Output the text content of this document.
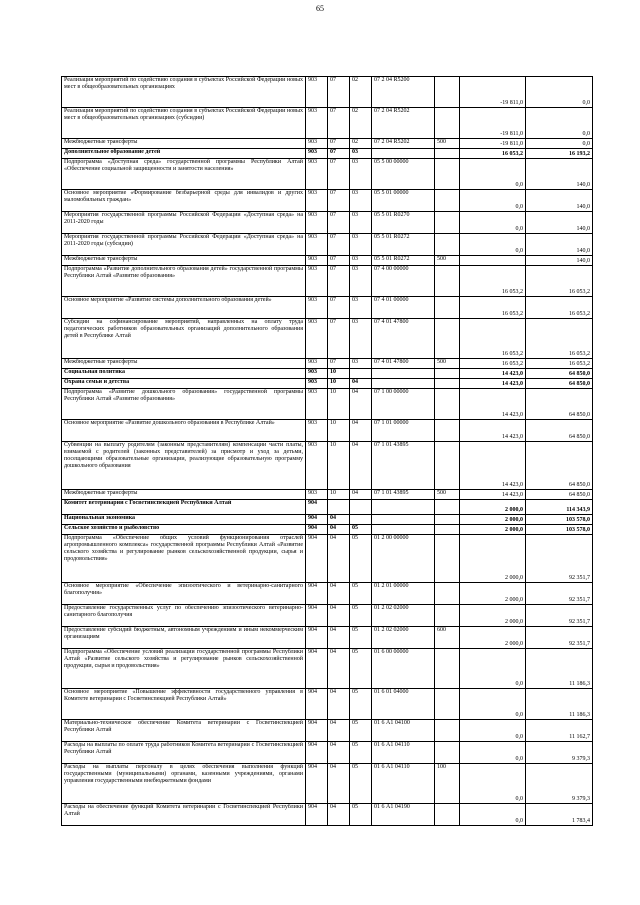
65
Реализация мероприятий по содействию создания в субъектах Российской Федерации новых мест в общеобразовательных организациях	903	07	02	07 2 04 R5200		-19 811,0	0,0
Реализация мероприятий по содействию создания в субъектах Российской Федерации новых мест в общеобразовательных организациях (субсидии)	903	07	02	07 2 04 R5202		-19 811,0	0,0
Межбюджетные трансферты	903	07	02	07 2 04 R5202	500	-19 811,0	0,0
Дополнительное образование детей	903	07	03			16 053,2	16 193,2
Подпрограмма «Доступная среда» государственной программы Республики Алтай «Обеспечение социальной защищенности и занятости населения»	903	07	03	05 5 00 00000		0,0	140,0
Основное мероприятие «Формирование безбарьерной среды для инвалидов и других маломобильных граждан»	903	07	03	05 5 01 00000		0,0	140,0
Мероприятия государственной программы Российской Федерации «Доступная среда» на 2011-2020 годы	903	07	03	05 5 01 R0270		0,0	140,0
Мероприятия государственной программы Российской Федерации «Доступная среда» на 2011-2020 годы (субсидии)	903	07	03	05 5 01 R0272		0,0	140,0
Межбюджетные трансферты	903	07	03	05 5 01 R0272	500		140,0
Подпрограмма «Развитие дополнительного образования детей» государственной программы Республики Алтай «Развитие образования»	903	07	03	07 4 00 00000		16 053,2	16 053,2
Основное мероприятие «Развитие системы дополнительного образования детей»	903	07	03	07 4 01 00000		16 053,2	16 053,2
Субсидии на софинансирование мероприятий, направленных на оплату труда педагогических работников образовательных организаций дополнительного образования детей в Республике Алтай	903	07	03	07 4 01 47800		16 053,2	16 053,2
Межбюджетные трансферты	903	07	03	07 4 01 47800	500	16 053,2	16 053,2
Социальная политика	903	10				14 423,0	64 850,0
Охрана семьи и детства	903	10	04			14 423,0	64 850,0
Подпрограмма «Развитие дошкольного образования» государственной программы Республики Алтай «Развитие образования»	903	10	04	07 1 00 00000		14 423,0	64 850,0
Основное мероприятие «Развитие дошкольного образования в Республике Алтай»	903	10	04	07 1 01 00000		14 423,0	64 850,0
Субвенции на выплату родителям (законным представителям) компенсации части платы, взимаемой с родителей (законных представителей) за присмотр и уход за детьми, посещающими образовательные организации, реализующие образовательную программу дошкольного образования	903	10	04	07 1 01 43895		14 423,0	64 850,0
Межбюджетные трансферты	903	10	04	07 1 01 43895	500	14 423,0	64 850,0
Комитет ветеринарии с Госветинспекцией Республики Алтай	904					2 000,0	114 343,9
Национальная экономика	904	04				2 000,0	103 578,0
Сельское хозяйство и рыболовство	904	04	05			2 000,0	103 578,0
Подпрограмма «Обеспечение общих условий функционирования отраслей агропромышленного комплекса» государственной программы Республики Алтай «Развитие сельского хозяйства и регулирование рынков сельскохозяйственной продукции, сырья и продовольствия»	904	04	05	01 2 00 00000		2 000,0	92 351,7
Основное мероприятие «Обеспечение эпизоотического и ветеринарно-санитарного благополучия»	904	04	05	01 2 01 00000		2 000,0	92 351,7
Предоставление государственных услуг по обеспечению эпизоотического ветеринарно-санитарного благополучия	904	04	05	01 2 02 02000		2 000,0	92 351,7
Предоставление субсидий бюджетным, автономным учреждениям и иным некоммерческим организациям	904	04	05	01 2 02 02000	600	2 000,0	92 351,7
Подпрограмма «Обеспечение условий реализации государственной программы Республики Алтай «Развитие сельского хозяйства и регулирование рынков сельскохозяйственной продукции, сырья и продовольствия»	904	04	05	01 6 00 00000		0,0	11 186,3
Основное мероприятие «Повышение эффективности государственного управления в Комитете ветеринарии с Госветинспекцией Республики Алтай»	904	04	05	01 6 01 04000		0,0	11 186,3
Материально-техническое обеспечение Комитета ветеринарии с Госветинспекцией Республики Алтай	904	04	05	01 6 А1 04100		0,0	11 162,7
Расходы на выплаты по оплате труда работников Комитета ветеринарии с Госветинспекцией Республики Алтай	904	04	05	01 6 А1 04110		0,0	9 379,3
Расходы на выплаты персоналу в целях обеспечения выполнения функций государственными (муниципальными) органами, казенными учреждениями, органами управления государственными внебюджетными фондами	904	04	05	01 6 А1 04110	100	0,0	9 379,3
Расходы на обеспечение функций Комитета ветеринарии с Госветинспекцией Республики Алтай	904	04	05	01 6 А1 04190		0,0	1 783,4
